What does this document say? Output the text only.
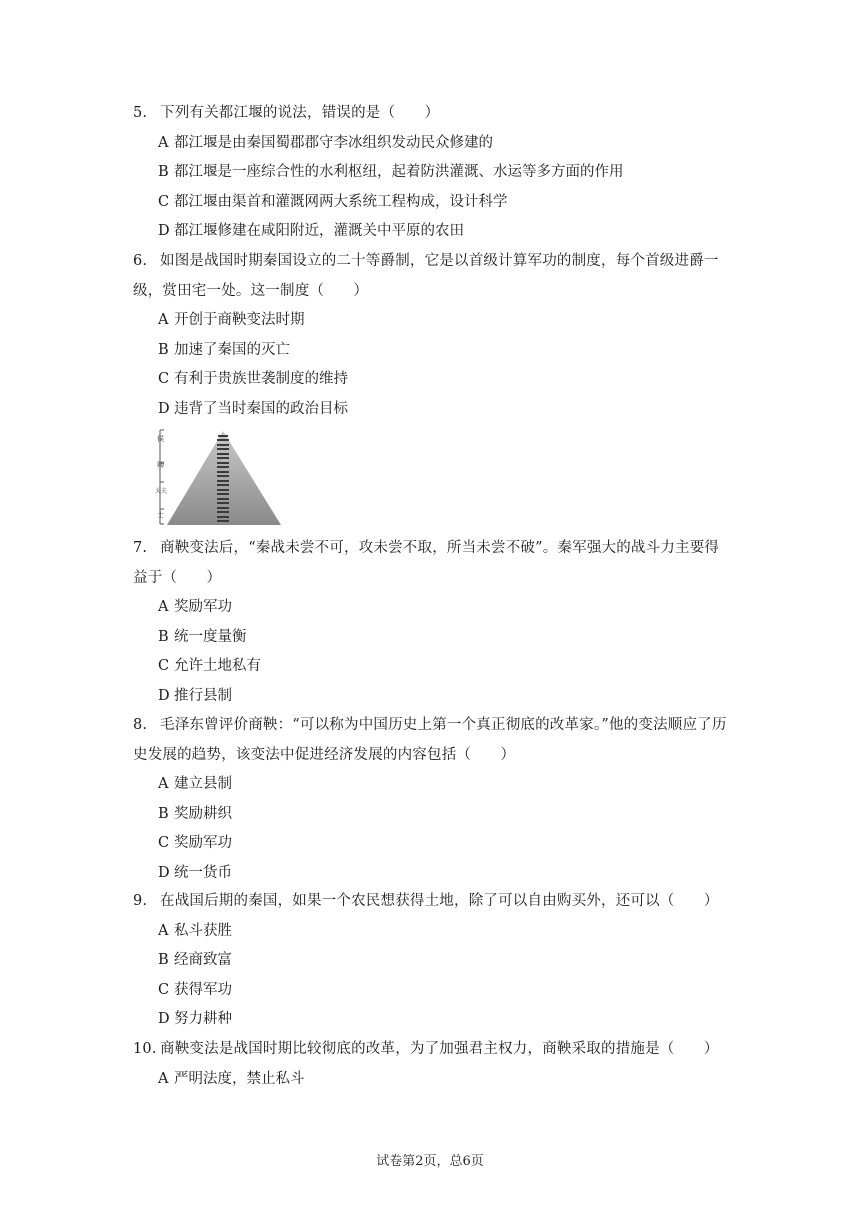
5. 下列有关都江堰的说法，错误的是（　　）
A 都江堰是由秦国蜀郡郡守李冰组织发动民众修建的
B 都江堰是一座综合性的水利枢纽，起着防洪灌溉、水运等多方面的作用
C 都江堰由渠首和灌溉网两大系统工程构成，设计科学
D 都江堰修建在咸阳附近，灌溉关中平原的农田
6. 如图是战国时期秦国设立的二十等爵制，它是以首级计算军功的制度，每个首级进爵一级，赏田宅一处。这一制度（　　）
A 开创于商鞅变法时期
B 加速了秦国的灭亡
C 有利于贵族世袭制度的维持
D 违背了当时秦国的政治目标
侯
卿
大夫
士
7. 商鞅变法后，“秦战未尝不可，攻未尝不取，所当未尝不破”。秦军强大的战斗力主要得益于（　　）
A 奖励军功
B 统一度量衡
C 允许土地私有
D 推行县制
8. 毛泽东曾评价商鞅：“可以称为中国历史上第一个真正彻底的改革家。”他的变法顺应了历史发展的趋势，该变法中促进经济发展的内容包括（　　）
A 建立县制
B 奖励耕织
C 奖励军功
D 统一货币
9. 在战国后期的秦国，如果一个农民想获得土地，除了可以自由购买外，还可以（　　）
A 私斗获胜
B 经商致富
C 获得军功
D 努力耕种
10. 商鞅变法是战国时期比较彻底的改革，为了加强君主权力，商鞅采取的措施是（　　）
A 严明法度，禁止私斗
试卷第2页，总6页
